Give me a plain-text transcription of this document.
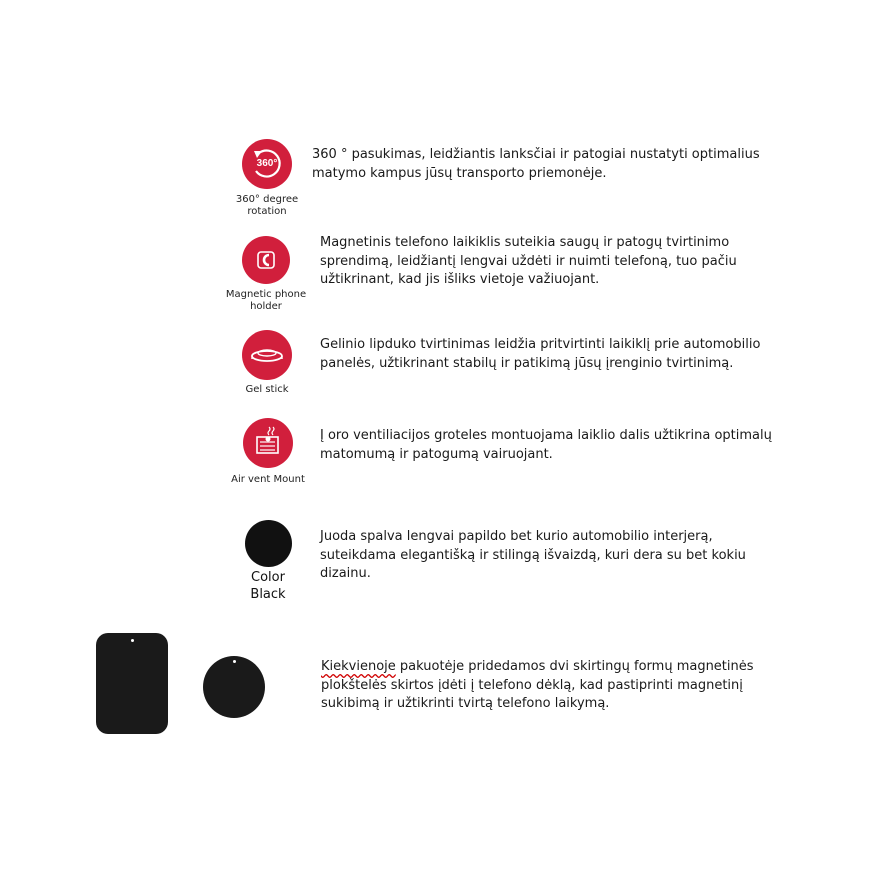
360°
360° degree rotation
360 ° pasukimas, leidžiantis lanksčiai ir patogiai nustatyti optimalius matymo kampus jūsų transporto priemonėje.
Magnetic phone holder
Magnetinis telefono laikiklis suteikia saugų ir patogų tvirtinimo sprendimą, leidžiantį lengvai uždėti ir nuimti telefoną, tuo pačiu užtikrinant, kad jis išliks vietoje važiuojant.
Gel stick
Gelinio lipduko tvirtinimas leidžia pritvirtinti laikiklį prie automobilio panelės, užtikrinant stabilų ir patikimą jūsų įrenginio tvirtinimą.
Air vent Mount
Į oro ventiliacijos groteles montuojama laiklio dalis užtikrina optimalų matomumą ir patogumą vairuojant.
Color Black
Juoda spalva lengvai papildo bet kurio automobilio interjerą, suteikdama elegantišką ir stilingą išvaizdą, kuri dera su bet kokiu dizainu.
Kiekvienoje pakuotėje pridedamos dvi skirtingų formų magnetinės plokštelės skirtos įdėti į telefono dėklą, kad pastiprinti magnetinį sukibimą ir užtikrinti tvirtą telefono laikymą.
